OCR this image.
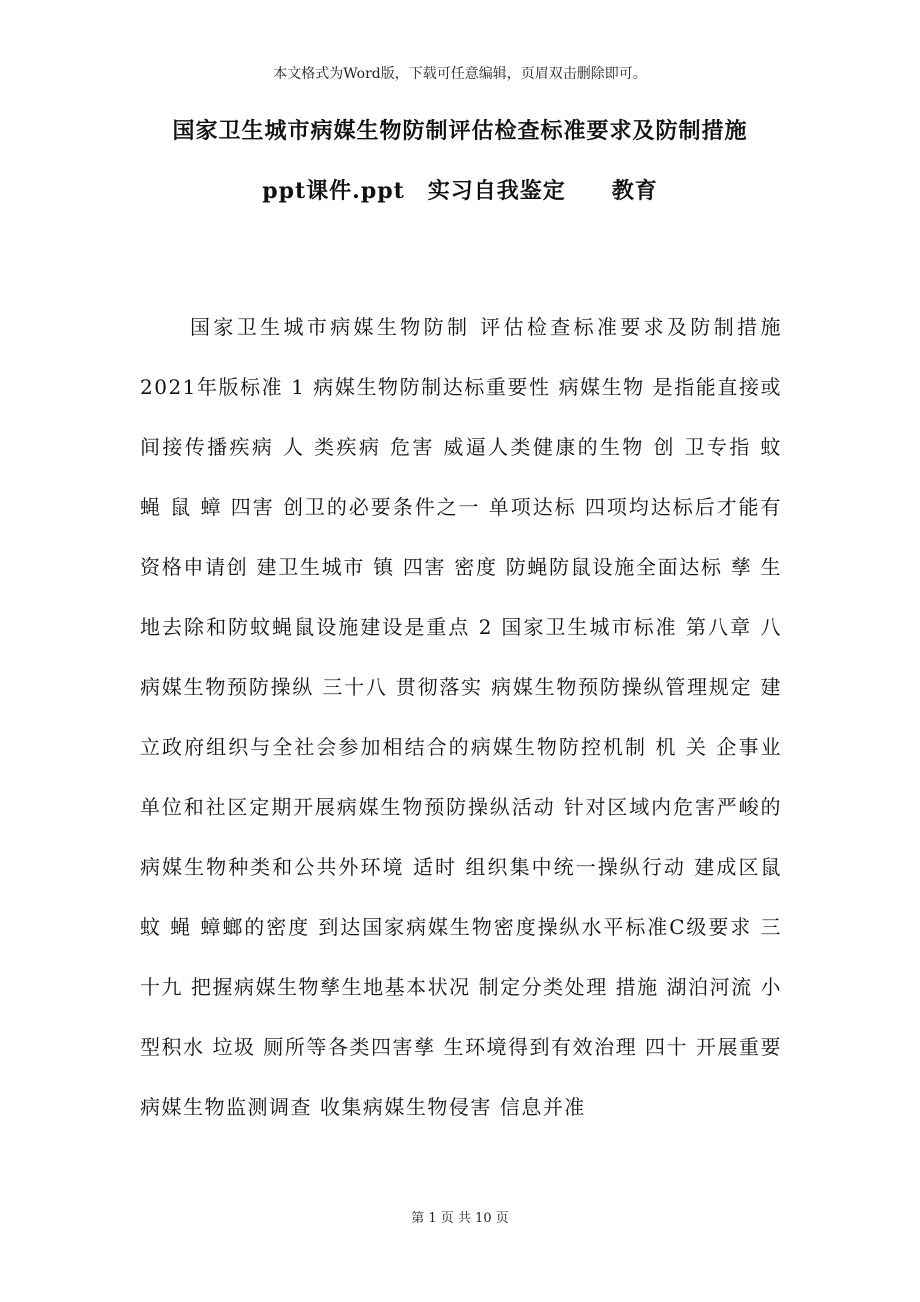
本文格式为Word版，下载可任意编辑，页眉双击删除即可。
国家卫生城市病媒生物防制评估检查标准要求及防制措施
ppt课件.ppt　实习自我鉴定　　教育

国家卫生城市病媒生物防制 评估检查标准要求及防制措施 2021年版标准 1 病媒生物防制达标重要性 病媒生物 是指能直接或间接传播疾病 人 类疾病 危害 威逼人类健康的生物 创 卫专指 蚊 蝇 鼠 蟑 四害 创卫的必要条件之一 单项达标 四项均达标后才能有资格申请创 建卫生城市 镇 四害 密度 防蝇防鼠设施全面达标 孳 生地去除和防蚊蝇鼠设施建设是重点 2 国家卫生城市标准 第八章 八 病媒生物预防操纵 三十八 贯彻落实 病媒生物预防操纵管理规定 建 立政府组织与全社会参加相结合的病媒生物防控机制 机 关 企事业单位和社区定期开展病媒生物预防操纵活动 针对区域内危害严峻的病媒生物种类和公共外环境 适时 组织集中统一操纵行动 建成区鼠 蚊 蝇 蟑螂的密度 到达国家病媒生物密度操纵水平标准C级要求 三十九 把握病媒生物孳生地基本状况 制定分类处理 措施 湖泊河流 小型积水 垃圾 厕所等各类四害孳 生环境得到有效治理 四十 开展重要病媒生物监测调查 收集病媒生物侵害 信息并准

第 1 页 共 10 页
